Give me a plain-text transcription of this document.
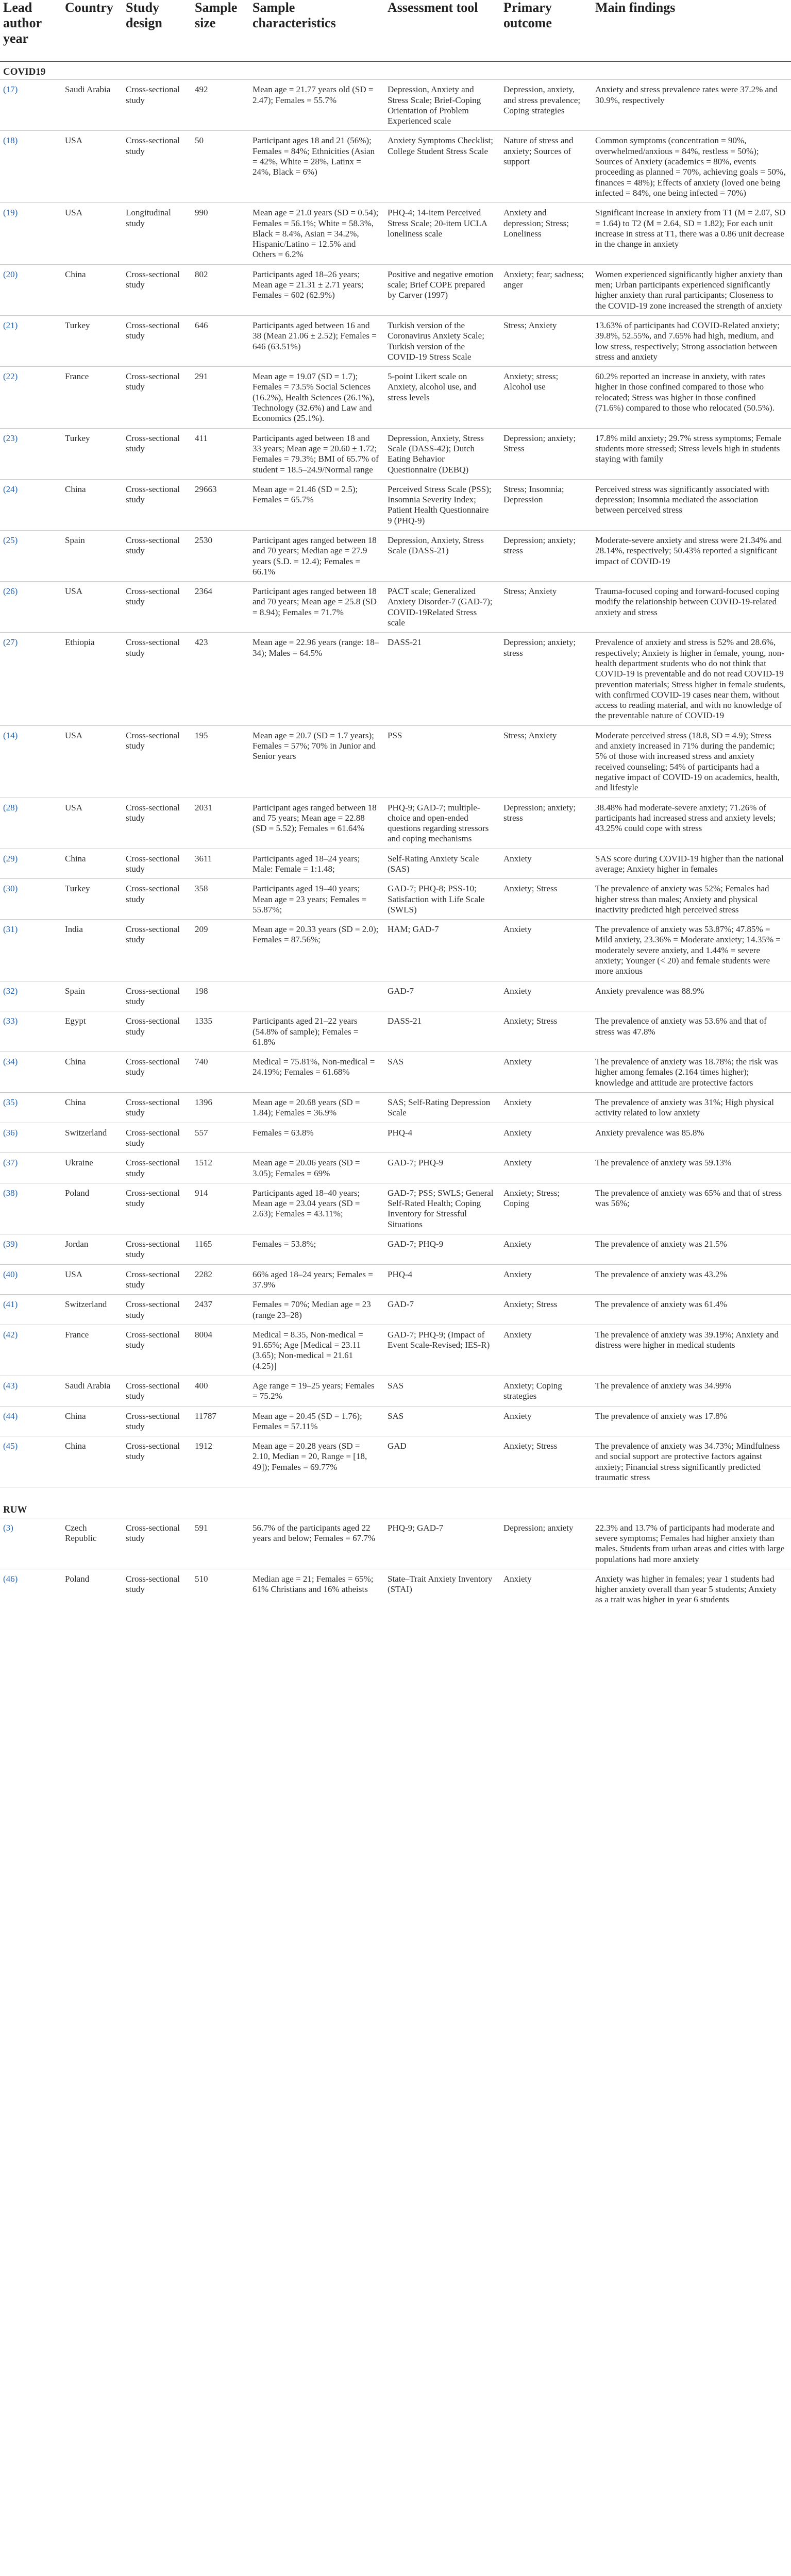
Lead author year	Country	Study design	Sample size	Sample characteristics	Assessment tool	Primary outcome	Main findings
COVID19							
(17)	Saudi Arabia	Cross-sectional study	492	Mean age = 21.77 years old (SD = 2.47); Females = 55.7%	Depression, Anxiety and Stress Scale; Brief-Coping Orientation of Problem Experienced scale	Depression, anxiety, and stress prevalence; Coping strategies	Anxiety and stress prevalence rates were 37.2% and 30.9%, respectively
(18)	USA	Cross-sectional study	50	Participant ages 18 and 21 (56%); Females = 84%; Ethnicities (Asian = 42%, White = 28%, Latinx = 24%, Black = 6%)	Anxiety Symptoms Checklist; College Student Stress Scale	Nature of stress and anxiety; Sources of support	Common symptoms (concentration = 90%, overwhelmed/anxious = 84%, restless = 50%); Sources of Anxiety (academics = 80%, events proceeding as planned = 70%, achieving goals = 50%, finances = 48%); Effects of anxiety (loved one being infected = 84%, one being infected = 70%)
(19)	USA	Longitudinal study	990	Mean age = 21.0 years (SD = 0.54); Females = 56.1%; White = 58.3%, Black = 8.4%, Asian = 34.2%, Hispanic/Latino = 12.5% and Others = 6.2%	PHQ-4; 14-item Perceived Stress Scale; 20-item UCLA loneliness scale	Anxiety and depression; Stress; Loneliness	Significant increase in anxiety from T1 (M = 2.07, SD = 1.64) to T2 (M = 2.64, SD = 1.82); For each unit increase in stress at T1, there was a 0.86 unit decrease in the change in anxiety
(20)	China	Cross-sectional study	802	Participants aged 18–26 years; Mean age = 21.31 ± 2.71 years; Females = 602 (62.9%)	Positive and negative emotion scale; Brief COPE prepared by Carver (1997)	Anxiety; fear; sadness; anger	Women experienced significantly higher anxiety than men; Urban participants experienced significantly higher anxiety than rural participants; Closeness to the COVID-19 zone increased the strength of anxiety
(21)	Turkey	Cross-sectional study	646	Participants aged between 16 and 38 (Mean 21.06 ± 2.52); Females = 646 (63.51%)	Turkish version of the Coronavirus Anxiety Scale; Turkish version of the COVID-19 Stress Scale	Stress; Anxiety	13.63% of participants had COVID-Related anxiety; 39.8%, 52.55%, and 7.65% had high, medium, and low stress, respectively; Strong association between stress and anxiety
(22)	France	Cross-sectional study	291	Mean age = 19.07 (SD = 1.7); Females = 73.5% Social Sciences (16.2%), Health Sciences (26.1%), Technology (32.6%) and Law and Economics (25.1%).	5-point Likert scale on Anxiety, alcohol use, and stress levels	Anxiety; stress; Alcohol use	60.2% reported an increase in anxiety, with rates higher in those confined compared to those who relocated; Stress was higher in those confined (71.6%) compared to those who relocated (50.5%).
(23)	Turkey	Cross-sectional study	411	Participants aged between 18 and 33 years; Mean age = 20.60 ± 1.72; Females = 79.3%; BMI of 65.7% of student = 18.5–24.9/Normal range	Depression, Anxiety, Stress Scale (DASS-42); Dutch Eating Behavior Questionnaire (DEBQ)	Depression; anxiety; Stress	17.8% mild anxiety; 29.7% stress symptoms; Female students more stressed; Stress levels high in students staying with family
(24)	China	Cross-sectional study	29663	Mean age = 21.46 (SD = 2.5); Females = 65.7%	Perceived Stress Scale (PSS); Insomnia Severity Index; Patient Health Questionnaire 9 (PHQ-9)	Stress; Insomnia; Depression	Perceived stress was significantly associated with depression; Insomnia mediated the association between perceived stress
(25)	Spain	Cross-sectional study	2530	Participant ages ranged between 18 and 70 years; Median age = 27.9 years (S.D. = 12.4); Females = 66.1%	Depression, Anxiety, Stress Scale (DASS-21)	Depression; anxiety; stress	Moderate-severe anxiety and stress were 21.34% and 28.14%, respectively; 50.43% reported a significant impact of COVID-19
(26)	USA	Cross-sectional study	2364	Participant ages ranged between 18 and 70 years; Mean age = 25.8 (SD = 8.94); Females = 71.7%	PACT scale; Generalized Anxiety Disorder-7 (GAD-7); COVID-19Related Stress scale	Stress; Anxiety	Trauma-focused coping and forward-focused coping modify the relationship between COVID-19-related anxiety and stress
(27)	Ethiopia	Cross-sectional study	423	Mean age = 22.96 years (range: 18–34); Males = 64.5%	DASS-21	Depression; anxiety; stress	Prevalence of anxiety and stress is 52% and 28.6%, respectively; Anxiety is higher in female, young, non-health department students who do not think that COVID-19 is preventable and do not read COVID-19 prevention materials; Stress higher in female students, with confirmed COVID-19 cases near them, without access to reading material, and with no knowledge of the preventable nature of COVID-19
(14)	USA	Cross-sectional study	195	Mean age = 20.7 (SD = 1.7 years); Females = 57%; 70% in Junior and Senior years	PSS	Stress; Anxiety	Moderate perceived stress (18.8, SD = 4.9); Stress and anxiety increased in 71% during the pandemic; 5% of those with increased stress and anxiety received counseling; 54% of participants had a negative impact of COVID-19 on academics, health, and lifestyle
(28)	USA	Cross-sectional study	2031	Participant ages ranged between 18 and 75 years; Mean age = 22.88 (SD = 5.52); Females = 61.64%	PHQ-9; GAD-7; multiple-choice and open-ended questions regarding stressors and coping mechanisms	Depression; anxiety; stress	38.48% had moderate-severe anxiety; 71.26% of participants had increased stress and anxiety levels; 43.25% could cope with stress
(29)	China	Cross-sectional study	3611	Participants aged 18–24 years; Male: Female = 1:1.48;	Self-Rating Anxiety Scale (SAS)	Anxiety	SAS score during COVID-19 higher than the national average; Anxiety higher in females
(30)	Turkey	Cross-sectional study	358	Participants aged 19–40 years; Mean age = 23 years; Females = 55.87%;	GAD-7; PHQ-8; PSS-10; Satisfaction with Life Scale (SWLS)	Anxiety; Stress	The prevalence of anxiety was 52%; Females had higher stress than males; Anxiety and physical inactivity predicted high perceived stress
(31)	India	Cross-sectional study	209	Mean age = 20.33 years (SD = 2.0); Females = 87.56%;	HAM; GAD-7	Anxiety	The prevalence of anxiety was 53.87%; 47.85% = Mild anxiety, 23.36% = Moderate anxiety; 14.35% = moderately severe anxiety, and 1.44% = severe anxiety; Younger (< 20) and female students were more anxious
(32)	Spain	Cross-sectional study	198		GAD-7	Anxiety	Anxiety prevalence was 88.9%
(33)	Egypt	Cross-sectional study	1335	Participants aged 21–22 years (54.8% of sample); Females = 61.8%	DASS-21	Anxiety; Stress	The prevalence of anxiety was 53.6% and that of stress was 47.8%
(34)	China	Cross-sectional study	740	Medical = 75.81%, Non-medical = 24.19%; Females = 61.68%	SAS	Anxiety	The prevalence of anxiety was 18.78%; the risk was higher among females (2.164 times higher); knowledge and attitude are protective factors
(35)	China	Cross-sectional study	1396	Mean age = 20.68 years (SD = 1.84); Females = 36.9%	SAS; Self-Rating Depression Scale	Anxiety	The prevalence of anxiety was 31%; High physical activity related to low anxiety
(36)	Switzerland	Cross-sectional study	557	Females = 63.8%	PHQ-4	Anxiety	Anxiety prevalence was 85.8%
(37)	Ukraine	Cross-sectional study	1512	Mean age = 20.06 years (SD = 3.05); Females = 69%	GAD-7; PHQ-9	Anxiety	The prevalence of anxiety was 59.13%
(38)	Poland	Cross-sectional study	914	Participants aged 18–40 years; Mean age = 23.04 years (SD = 2.63); Females = 43.11%;	GAD-7; PSS; SWLS; General Self-Rated Health; Coping Inventory for Stressful Situations	Anxiety; Stress; Coping	The prevalence of anxiety was 65% and that of stress was 56%;
(39)	Jordan	Cross-sectional study	1165	Females = 53.8%;	GAD-7; PHQ-9	Anxiety	The prevalence of anxiety was 21.5%
(40)	USA	Cross-sectional study	2282	66% aged 18–24 years; Females = 37.9%	PHQ-4	Anxiety	The prevalence of anxiety was 43.2%
(41)	Switzerland	Cross-sectional study	2437	Females = 70%; Median age = 23 (range 23–28)	GAD-7	Anxiety; Stress	The prevalence of anxiety was 61.4%
(42)	France	Cross-sectional study	8004	Medical = 8.35, Non-medical = 91.65%; Age [Medical = 23.11 (3.65); Non-medical = 21.61 (4.25)]	GAD-7; PHQ-9; (Impact of Event Scale-Revised; IES-R)	Anxiety	The prevalence of anxiety was 39.19%; Anxiety and distress were higher in medical students
(43)	Saudi Arabia	Cross-sectional study	400	Age range = 19–25 years; Females = 75.2%	SAS	Anxiety; Coping strategies	The prevalence of anxiety was 34.99%
(44)	China	Cross-sectional study	11787	Mean age = 20.45 (SD = 1.76); Females = 57.11%	SAS	Anxiety	The prevalence of anxiety was 17.8%
(45)	China	Cross-sectional study	1912	Mean age = 20.28 years (SD = 2.10, Median = 20, Range = [18, 49]); Females = 69.77%	GAD	Anxiety; Stress	The prevalence of anxiety was 34.73%; Mindfulness and social support are protective factors against anxiety; Financial stress significantly predicted traumatic stress
RUW							
(3)	Czech Republic	Cross-sectional study	591	56.7% of the participants aged 22 years and below; Females = 67.7%	PHQ-9; GAD-7	Depression; anxiety	22.3% and 13.7% of participants had moderate and severe symptoms; Females had higher anxiety than males. Students from urban areas and cities with large populations had more anxiety
(46)	Poland	Cross-sectional study	510	Median age = 21; Females = 65%; 61% Christians and 16% atheists	State–Trait Anxiety Inventory (STAI)	Anxiety	Anxiety was higher in females; year 1 students had higher anxiety overall than year 5 students; Anxiety as a trait was higher in year 6 students
